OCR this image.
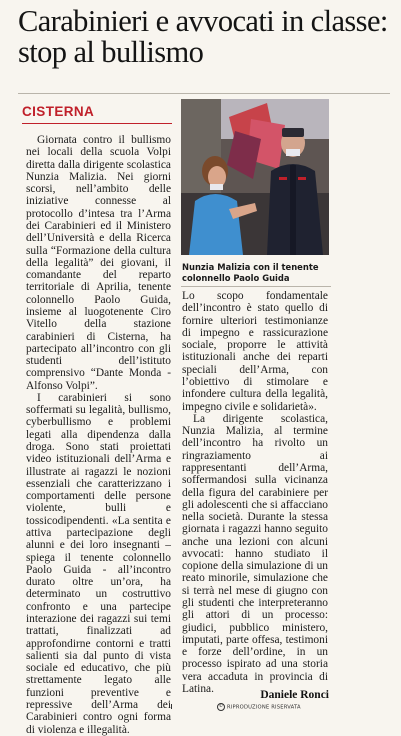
Carabinieri e avvocati in classe: stop al bullismo
CISTERNA

Giornata contro il bullismo nei locali della scuola Volpi diretta dalla dirigente scolastica Nunzia Malizia. Nei giorni scorsi, nell’ambito delle iniziative connesse al protocollo d’intesa tra l’Arma dei Carabinieri ed il Ministero dell’Università e della Ricerca sulla “Formazione della cultura della legalità” dei giovani, il comandante del reparto territoriale di Aprilia, tenente colonnello Paolo Guida, insieme al luogotenente Ciro Vitello della stazione carabinieri di Cisterna, ha partecipato all’incontro con gli studenti dell’istituto comprensivo “Dante Monda - Alfonso Volpi”.

I carabinieri si sono soffermati su legalità, bullismo, cyberbullismo e problemi legati alla dipendenza dalla droga. Sono stati proiettati video istituzionali dell’Arma e illustrate ai ragazzi le nozioni essenziali che caratterizzano i comportamenti delle persone violente, bulli e tossicodipendenti. «La sentita e attiva partecipazione degli alunni e dei loro insegnanti – spiega il tenente colonnello Paolo Guida - all’incontro durato oltre un’ora, ha determinato un costruttivo confronto e una partecipe interazione dei ragazzi sui temi trattati, finalizzati ad approfondirne contorni e tratti salienti sia dal punto di vista sociale ed educativo, che più strettamente legato alle funzioni preventive e repressive dell’Arma dei Carabinieri contro ogni forma di violenza e illegalità.

Nunzia Malizia con il tenente colonnello Paolo Guida

Lo scopo fondamentale dell’incontro è stato quello di fornire ulteriori testimonianze di impegno e rassicurazione sociale, proporre le attività istituzionali anche dei reparti speciali dell’Arma, con l’obiettivo di stimolare e infondere cultura della legalità, impegno civile e solidarietà».

La dirigente scolastica, Nunzia Malizia, al termine dell’incontro ha rivolto un ringraziamento ai rappresentanti dell’Arma, soffermandosi sulla vicinanza della figura del carabiniere per gli adolescenti che si affacciano nella società. Durante la stessa giornata i ragazzi hanno seguito anche una lezioni con alcuni avvocati: hanno studiato il copione della simulazione di un reato minorile, simulazione che si terrà nel mese di giugno con gli studenti che interpreteranno gli attori di un processo: giudici, pubblico ministero, imputati, parte offesa, testimoni e forze dell’ordine, in un processo ispirato ad una storia vera accaduta in provincia di Latina.	Daniele Ronci
© RIPRODUZIONE RISERVATA
